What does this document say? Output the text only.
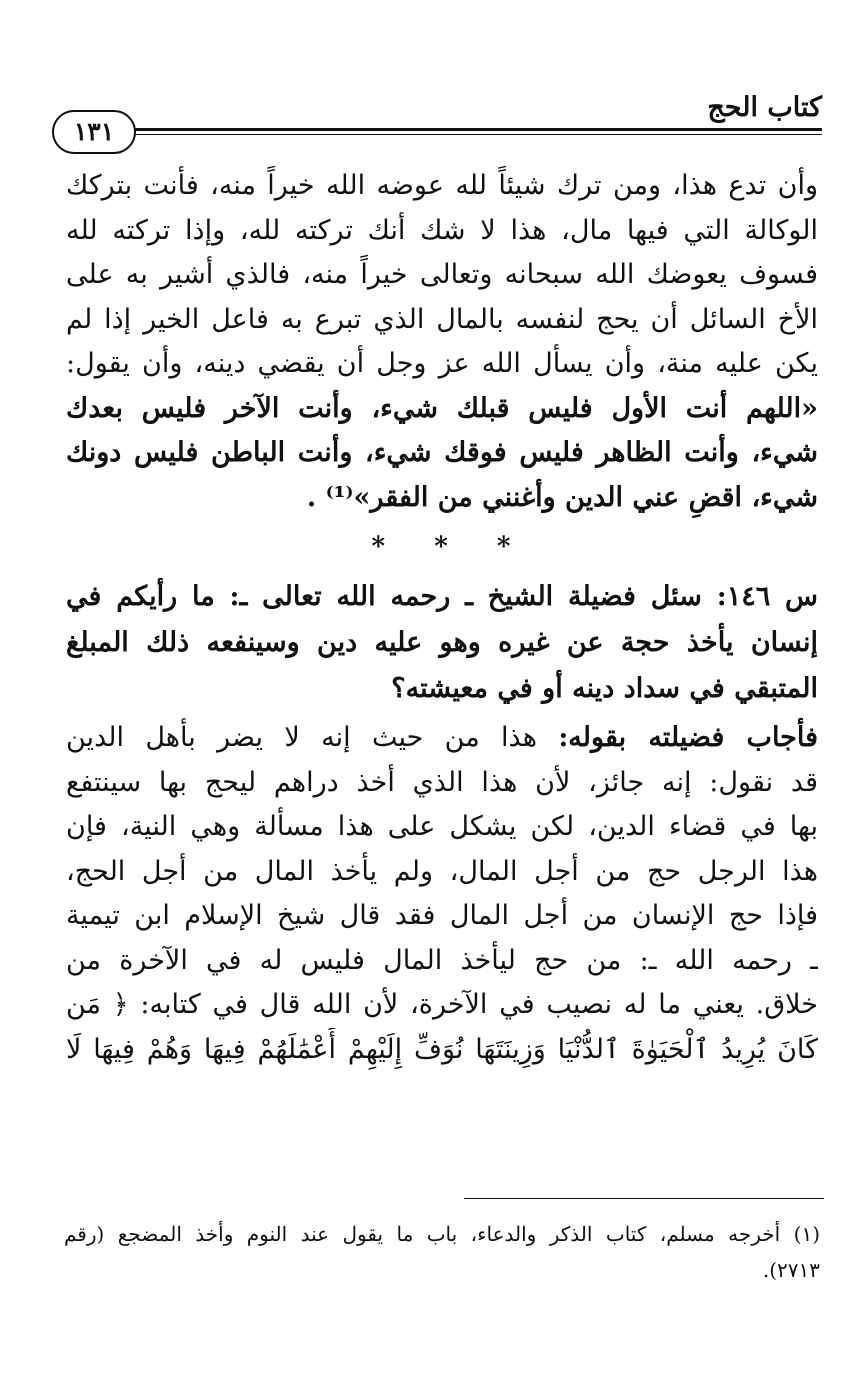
كتاب الحج
١٣١
وأن تدع هذا، ومن ترك شيئاً لله عوضه الله خيراً منه، فأنت بتركك
الوكالة التي فيها مال، هذا لا شك أنك تركته لله، وإذا تركته لله
فسوف يعوضك الله سبحانه وتعالى خيراً منه، فالذي أشير به على
الأخ السائل أن يحج لنفسه بالمال الذي تبرع به فاعل الخير إذا لم
يكن عليه منة، وأن يسأل الله عز وجل أن يقضي دينه، وأن يقول:
«اللهم أنت الأول فليس قبلك شيء، وأنت الآخر فليس بعدك
شيء، وأنت الظاهر فليس فوقك شيء، وأنت الباطن فليس دونك
شيء، اقضِ عني الدين وأغنني من الفقر»⁽¹⁾ .
* * *
س ١٤٦: سئل فضيلة الشيخ ـ رحمه الله تعالى ـ: ما رأيكم في
إنسان يأخذ حجة عن غيره وهو عليه دين وسينفعه ذلك المبلغ
المتبقي في سداد دينه أو في معيشته؟
فأجاب فضيلته بقوله: هذا من حيث إنه لا يضر بأهل الدين
قد نقول: إنه جائز، لأن هذا الذي أخذ دراهم ليحج بها سينتفع
بها في قضاء الدين، لكن يشكل على هذا مسألة وهي النية، فإن
هذا الرجل حج من أجل المال، ولم يأخذ المال من أجل الحج،
فإذا حج الإنسان من أجل المال فقد قال شيخ الإسلام ابن تيمية
ـ رحمه الله ـ: من حج ليأخذ المال فليس له في الآخرة من
خلاق. يعني ما له نصيب في الآخرة، لأن الله قال في كتابه: ﴿ مَن
كَانَ يُرِيدُ ٱلْحَيَوٰةَ ٱلدُّنْيَا وَزِينَتَهَا نُوَفِّ إِلَيْهِمْ أَعْمَٰلَهُمْ فِيهَا وَهُمْ فِيهَا لَا
(١) أخرجه مسلم، كتاب الذكر والدعاء، باب ما يقول عند النوم وأخذ المضجع (رقم
٢٧١٣).
